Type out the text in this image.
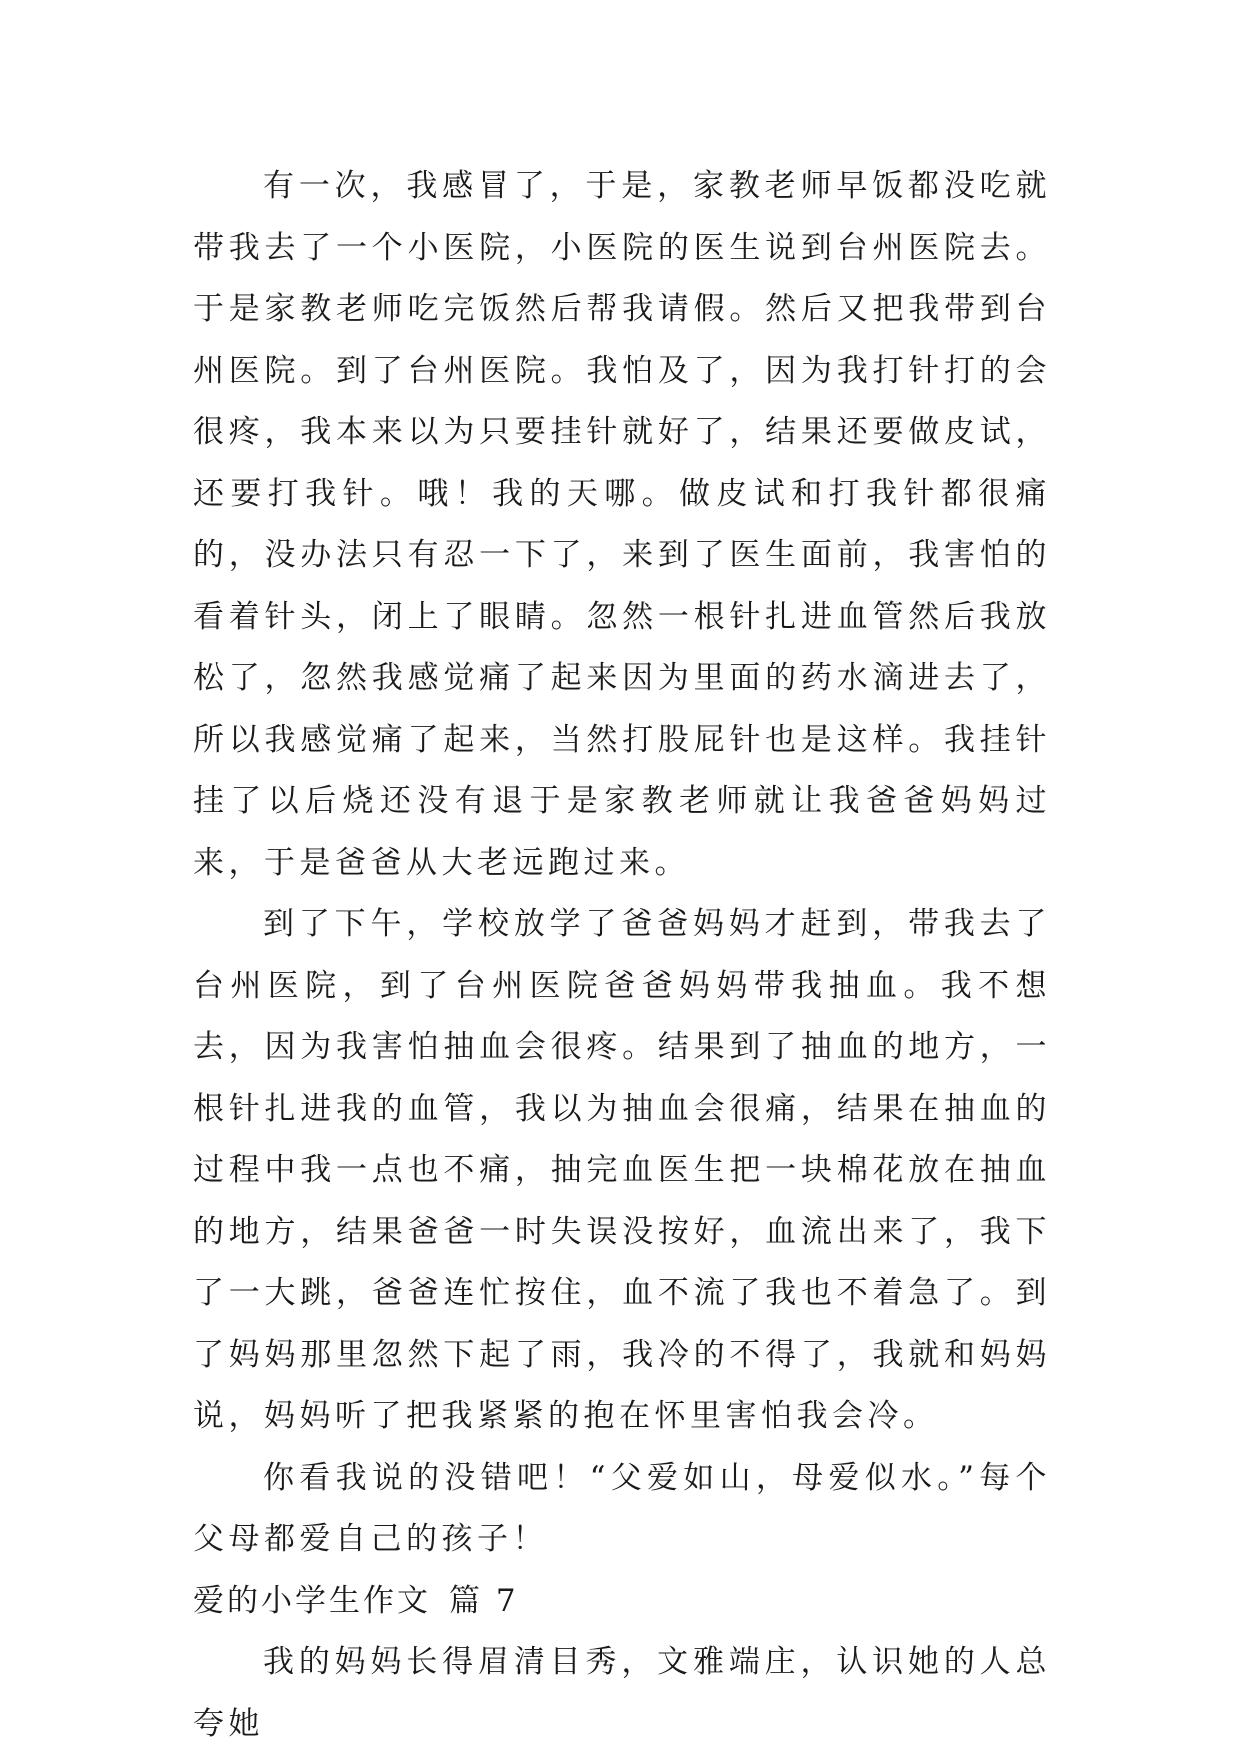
有一次，我感冒了，于是，家教老师早饭都没吃就带我去了一个小医院，小医院的医生说到台州医院去。于是家教老师吃完饭然后帮我请假。然后又把我带到台州医院。到了台州医院。我怕及了，因为我打针打的会很疼，我本来以为只要挂针就好了，结果还要做皮试，还要打我针。哦！我的天哪。做皮试和打我针都很痛的，没办法只有忍一下了，来到了医生面前，我害怕的看着针头，闭上了眼睛。忽然一根针扎进血管然后我放松了，忽然我感觉痛了起来因为里面的药水滴进去了，所以我感觉痛了起来，当然打股屁针也是这样。我挂针挂了以后烧还没有退于是家教老师就让我爸爸妈妈过来，于是爸爸从大老远跑过来。

到了下午，学校放学了爸爸妈妈才赶到，带我去了台州医院，到了台州医院爸爸妈妈带我抽血。我不想去，因为我害怕抽血会很疼。结果到了抽血的地方，一根针扎进我的血管，我以为抽血会很痛，结果在抽血的过程中我一点也不痛，抽完血医生把一块棉花放在抽血的地方，结果爸爸一时失误没按好，血流出来了，我下了一大跳，爸爸连忙按住，血不流了我也不着急了。到了妈妈那里忽然下起了雨，我冷的不得了，我就和妈妈说，妈妈听了把我紧紧的抱在怀里害怕我会冷。

你看我说的没错吧！“父爱如山，母爱似水。”每个父母都爱自己的孩子！

爱的小学生作文 篇 7

我的妈妈长得眉清目秀，文雅端庄，认识她的人总夸她
